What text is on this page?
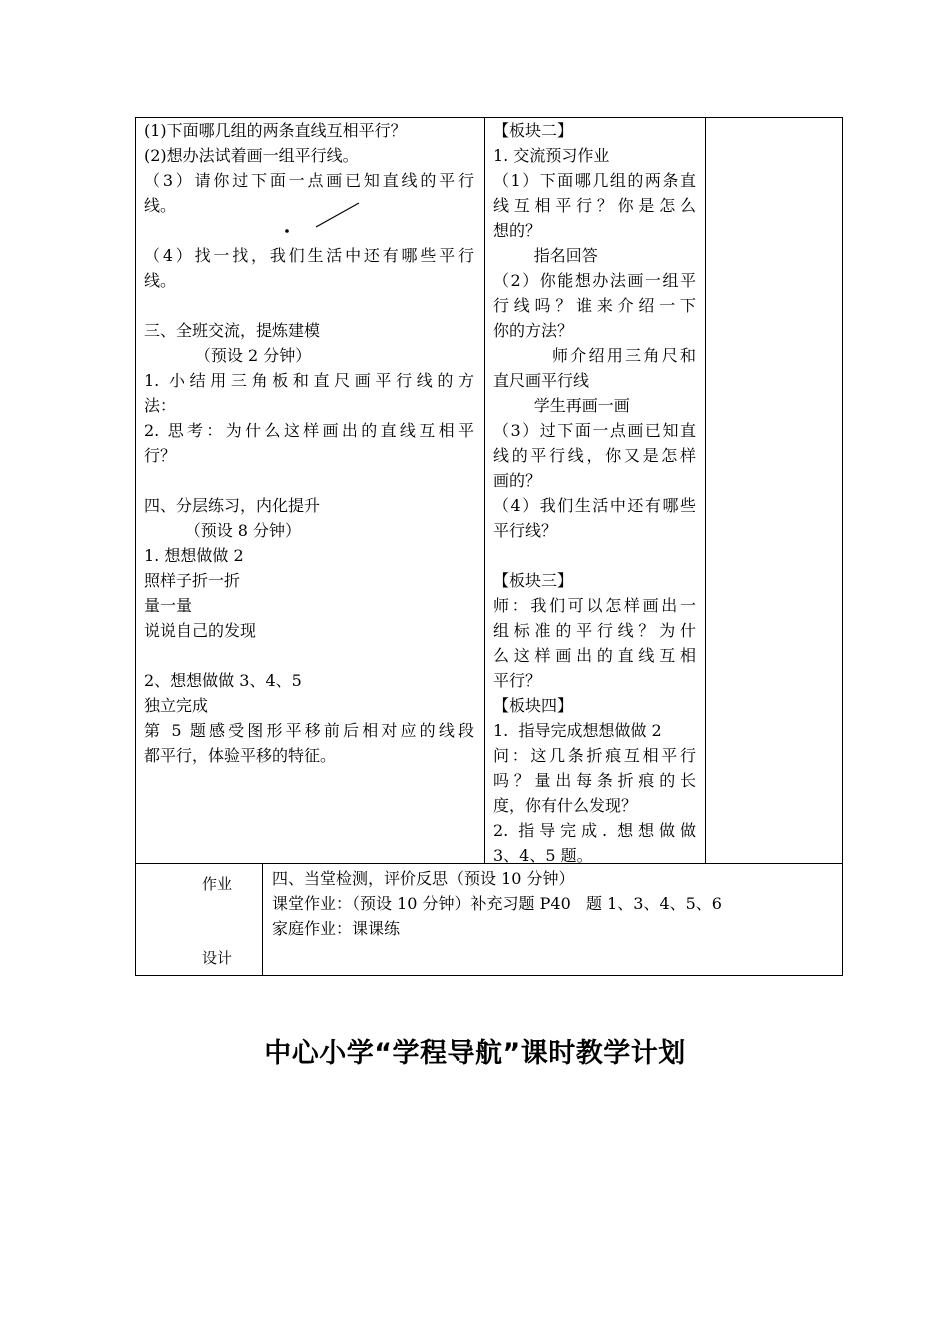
(1)下面哪几组的两条直线互相平行？

(2)想办法试着画一组平行线。

（3）请你过下面一点画已知直线的平行

线。

（4）找一找，我们生活中还有哪些平行

线。

三、全班交流，提炼建模

（预设 2 分钟）

1. 小结用三角板和直尺画平行线的方

法：

2. 思考：为什么这样画出的直线互相平

行？

四、分层练习，内化提升

（预设 8 分钟）

1. 想想做做 2

照样子折一折

量一量

说说自己的发现

2、想想做做 3、4、5

独立完成

第 5 题感受图形平移前后相对应的线段

都平行，体验平移的特征。

【板块二】

1. 交流预习作业

（1）下面哪几组的两条直

线互相平行？你是怎么

想的？

指名回答

（2）你能想办法画一组平

行线吗？谁来介绍一下

你的方法？

师介绍用三角尺和

直尺画平行线

学生再画一画

（3）过下面一点画已知直

线的平行线，你又是怎样

画的？

（4）我们生活中还有哪些

平行线？

【板块三】

师：我们可以怎样画出一

组标准的平行线？为什

么这样画出的直线互相

平行？

【板块四】

1.  指导完成想想做做 2

问：这几条折痕互相平行

吗？量出每条折痕的长

度，你有什么发现？

2. 指导完成. 想想做做

3、4、5 题。

作业
设计

四、当堂检测，评价反思（预设 10 分钟）

课堂作业：（预设 10 分钟）补充习题 P40   题 1、3、4、5、6

家庭作业：课课练

中心小学“学程导航”课时教学计划
